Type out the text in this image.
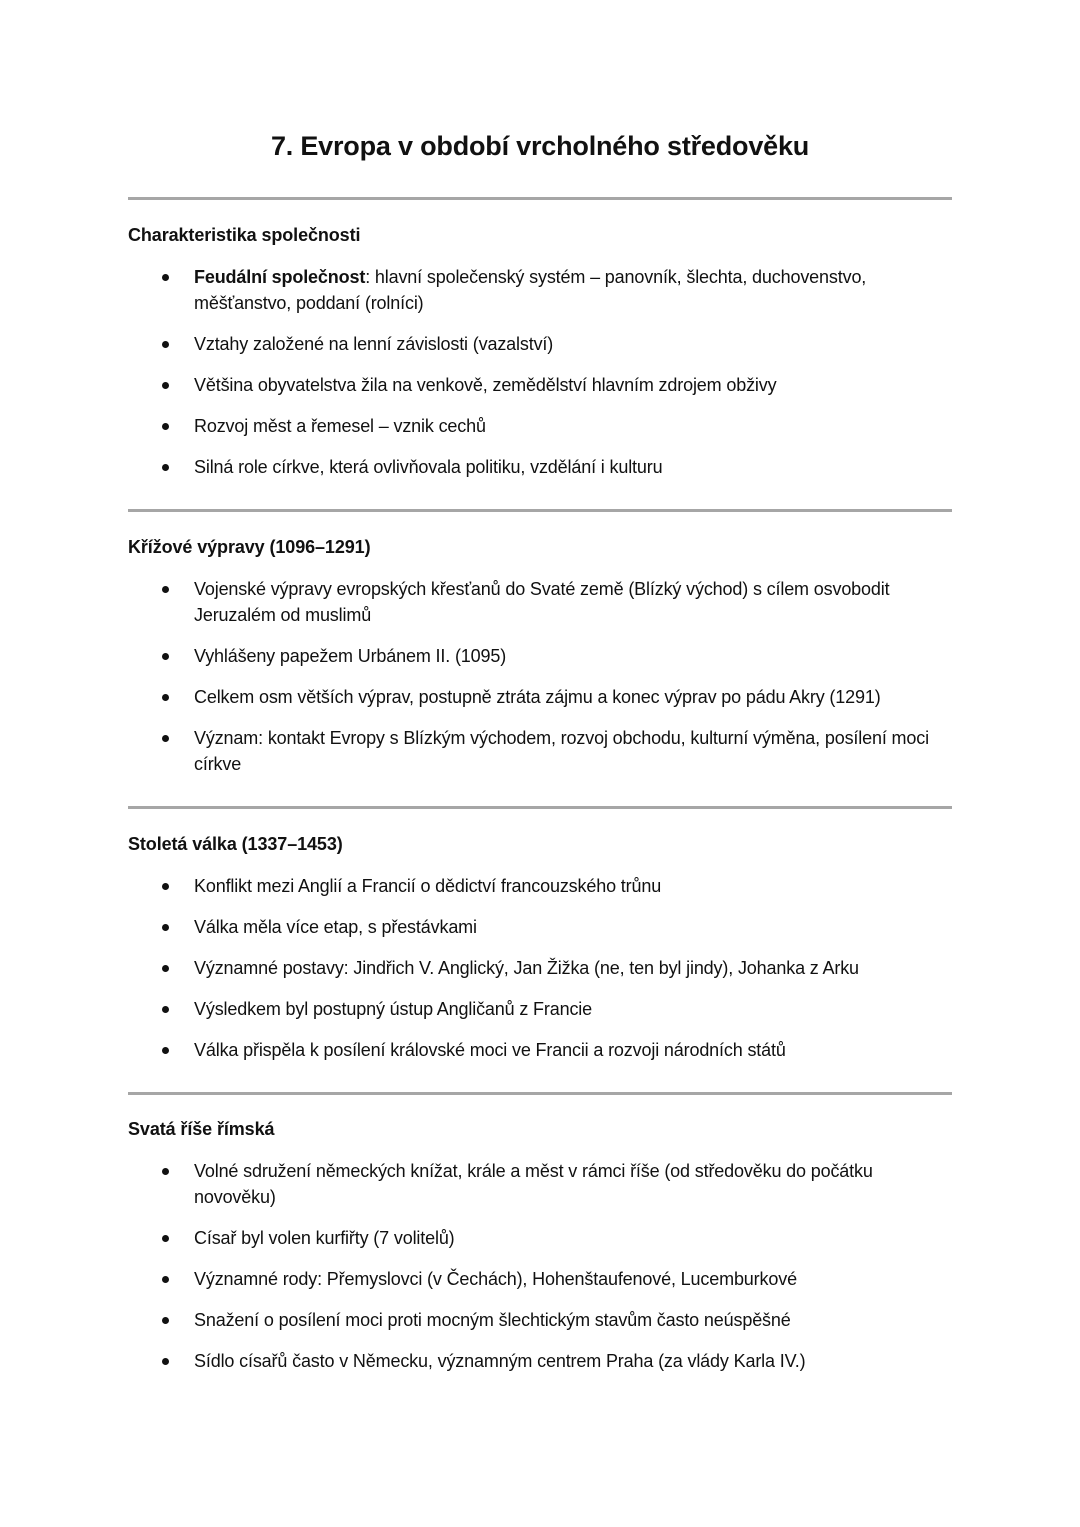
7. Evropa v období vrcholného středověku
Charakteristika společnosti
Feudální společnost: hlavní společenský systém – panovník, šlechta, duchovenstvo, měšťanstvo, poddaní (rolníci)
Vztahy založené na lenní závislosti (vazalství)
Většina obyvatelstva žila na venkově, zemědělství hlavním zdrojem obživy
Rozvoj měst a řemesel – vznik cechů
Silná role církve, která ovlivňovala politiku, vzdělání i kulturu
Křížové výpravy (1096–1291)
Vojenské výpravy evropských křesťanů do Svaté země (Blízký východ) s cílem osvobodit Jeruzalém od muslimů
Vyhlášeny papežem Urbánem II. (1095)
Celkem osm větších výprav, postupně ztráta zájmu a konec výprav po pádu Akry (1291)
Význam: kontakt Evropy s Blízkým východem, rozvoj obchodu, kulturní výměna, posílení moci církve
Stoletá válka (1337–1453)
Konflikt mezi Anglií a Francií o dědictví francouzského trůnu
Válka měla více etap, s přestávkami
Významné postavy: Jindřich V. Anglický, Jan Žižka (ne, ten byl jindy), Johanka z Arku
Výsledkem byl postupný ústup Angličanů z Francie
Válka přispěla k posílení královské moci ve Francii a rozvoji národních států
Svatá říše římská
Volné sdružení německých knížat, krále a měst v rámci říše (od středověku do počátku novověku)
Císař byl volen kurfiřty (7 volitelů)
Významné rody: Přemyslovci (v Čechách), Hohenštaufenové, Lucemburkové
Snažení o posílení moci proti mocným šlechtickým stavům často neúspěšné
Sídlo císařů často v Německu, významným centrem Praha (za vlády Karla IV.)
